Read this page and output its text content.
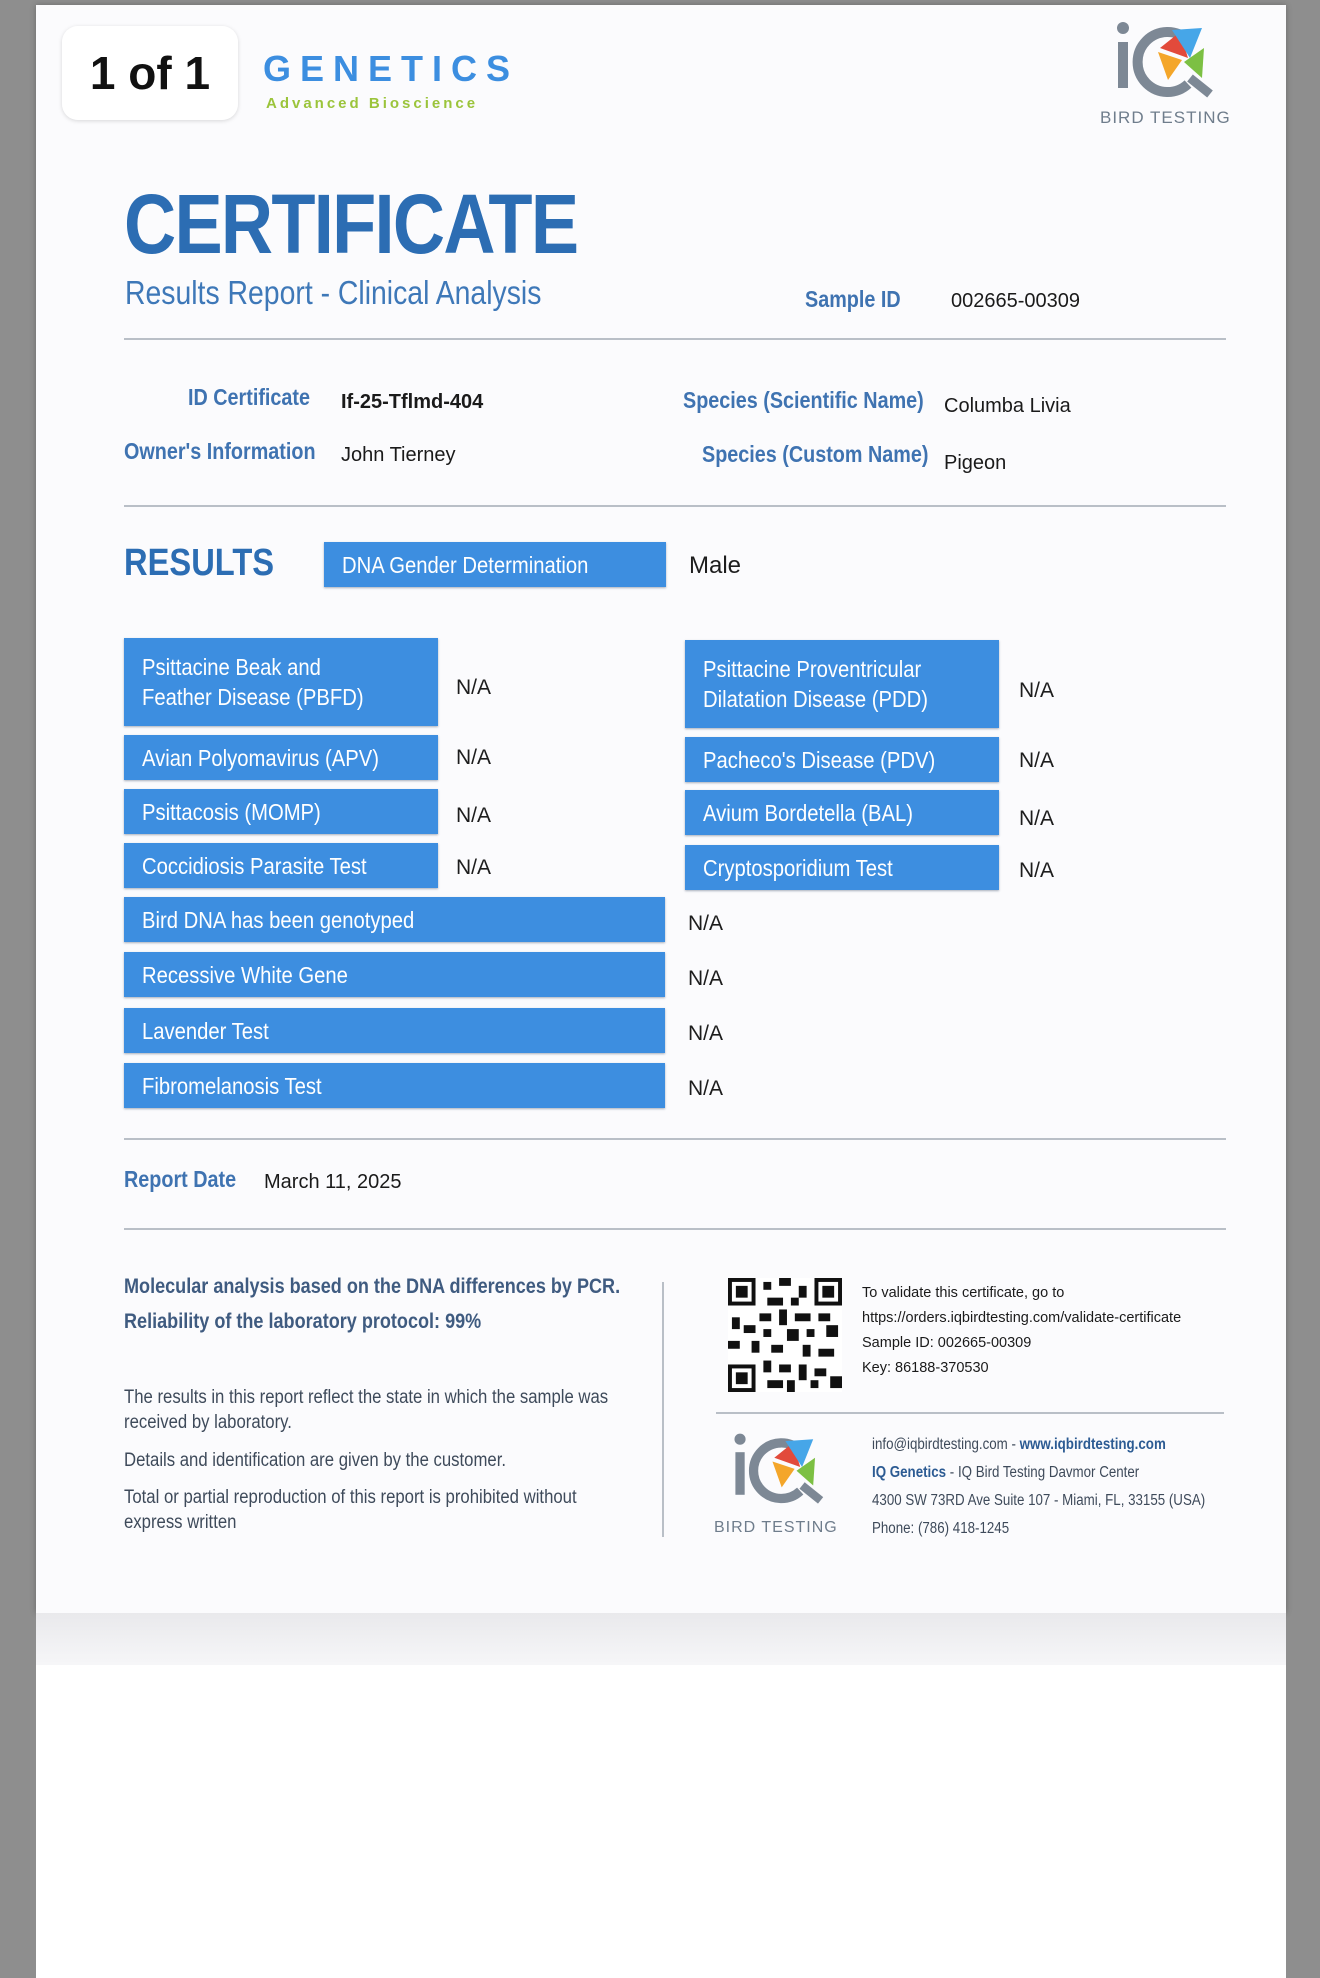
GENETICS
Advanced Bioscience
BIRD TESTING
1 of 1
CERTIFICATE
Results Report - Clinical Analysis	Sample ID	002665-00309
ID Certificate If-25-Tflmd-404
Owner's Information John Tierney
Species (Scientific Name) Columba Livia
Species (Custom Name) Pigeon
RESULTS	DNA Gender Determination	Male
Psittacine Beak and Feather Disease (PBFD)	N/A
Avian Polyomavirus (APV)	N/A
Psittacosis (MOMP)	N/A
Coccidiosis Parasite Test	N/A
Psittacine Proventricular Dilatation Disease (PDD)	N/A
Pacheco's Disease (PDV)	N/A
Avium Bordetella (BAL)	N/A
Cryptosporidium Test	N/A
Bird DNA has been genotyped	N/A
Recessive White Gene	N/A
Lavender Test	N/A
Fibromelanosis Test	N/A
Report Date March 11, 2025
Molecular analysis based on the DNA differences by PCR.
Reliability of the laboratory protocol: 99%
The results in this report reflect the state in which the sample was received by laboratory.
Details and identification are given by the customer.
Total or partial reproduction of this report is prohibited without express written
To validate this certificate, go to
https://orders.iqbirdtesting.com/validate-certificate
Sample ID: 002665-00309
Key: 86188-370530
BIRD TESTING
info@iqbirdtesting.com - www.iqbirdtesting.com
IQ Genetics - IQ Bird Testing Davmor Center
4300 SW 73RD Ave Suite 107 - Miami, FL, 33155 (USA)
Phone: (786) 418-1245
